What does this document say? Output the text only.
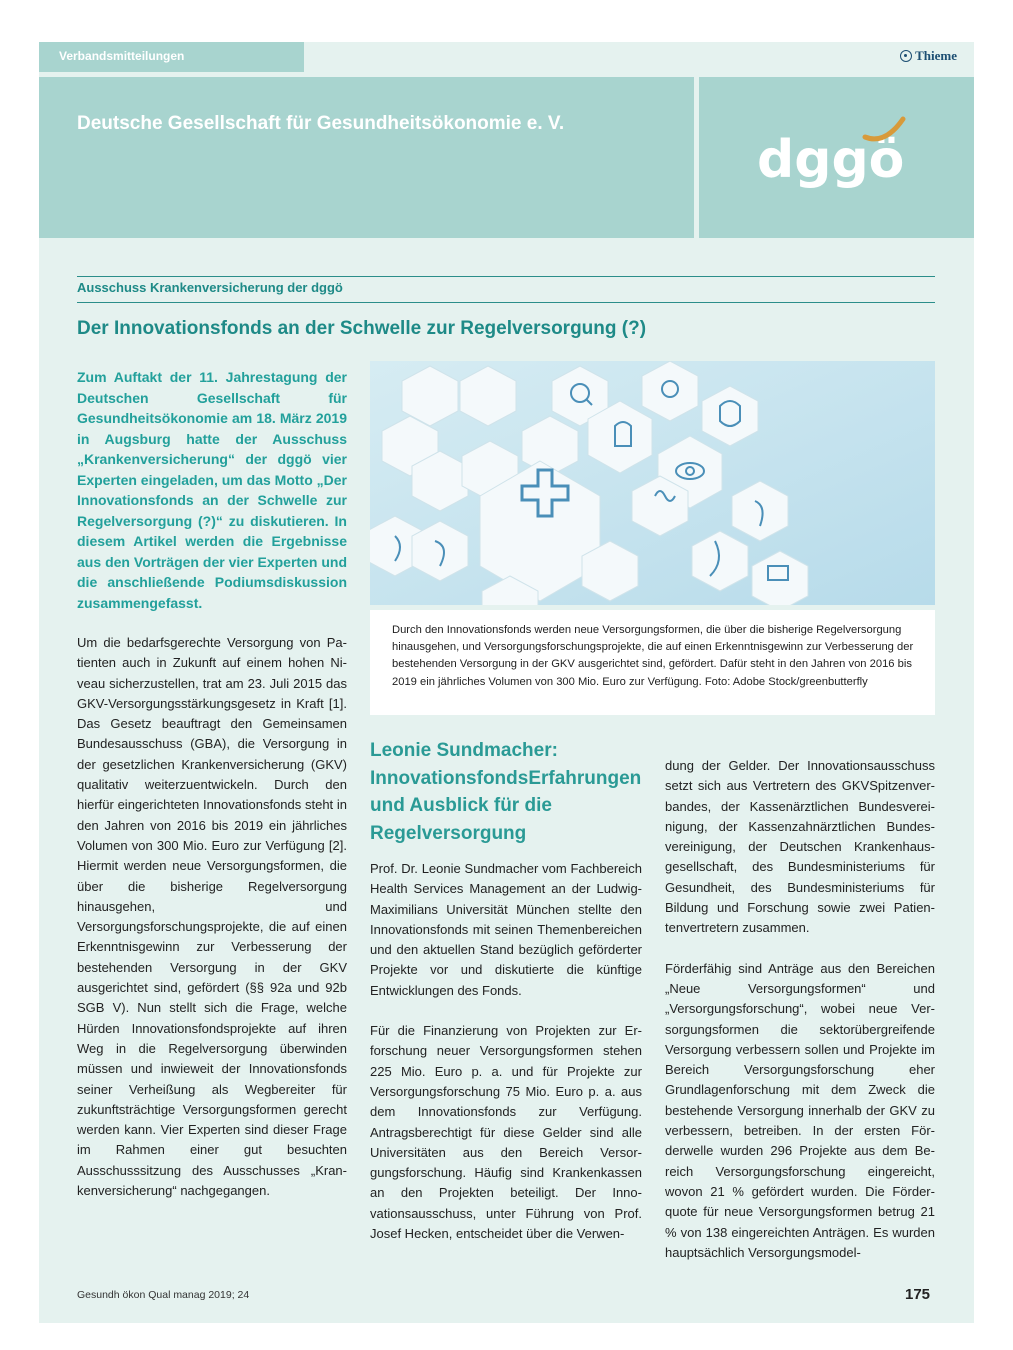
Verbandsmitteilungen	Thieme
Deutsche Gesellschaft für Gesundheitsökonomie e. V.
dggö
Ausschuss Krankenversicherung der dggö
Der Innovationsfonds an der Schwelle zur Regelversorgung (?)

Zum Auftakt der 11. Jahrestagung der Deutschen Gesellschaft für Gesundheitsökonomie am 18. März 2019 in Augsburg hatte der Ausschuss „Krankenversicherung“ der dggö vier Experten eingeladen, um das Motto „Der Innovationsfonds an der Schwelle zur Regelversorgung (?)“ zu diskutieren. In diesem Artikel werden die Ergebnisse aus den Vorträgen der vier Experten und die anschließende Podiumsdiskussion zusammengefasst.

Um die bedarfsgerechte Versorgung von Patienten auch in Zukunft auf einem hohen Niveau sicherzustellen, trat am 23. Juli 2015 das GKV-Versorgungsstärkungsgesetz in Kraft [1]. Das Gesetz beauftragt den Gemeinsamen Bundesausschuss (GBA), die Versorgung in der gesetzlichen Krankenversicherung (GKV) qualitativ weiterzuentwickeln. Durch den hierfür eingerichteten Innovationsfonds steht in den Jahren von 2016 bis 2019 ein jährliches Volumen von 300 Mio. Euro zur Verfügung [2]. Hiermit werden neue Versorgungsformen, die über die bisherige Regelversorgung hinausgehen, und Versorgungsforschungsprojekte, die auf einen Erkenntnisgewinn zur Verbesserung der bestehenden Versorgung in der GKV ausgerichtet sind, gefördert (§§ 92a und 92b SGB V). Nun stellt sich die Frage, welche Hürden Innovationsfondsprojekte auf ihren Weg in die Regelversorgung überwinden müssen und inwieweit der Innovationsfonds seiner Verheißung als Wegbereiter für zukunftsträchtige Versorgungsformen gerecht werden kann. Vier Experten sind dieser Frage im Rahmen einer gut besuchten Ausschusssitzung des Ausschusses „Krankenversicherung“ nachgegangen.

Durch den Innovationsfonds werden neue Versorgungsformen, die über die bisherige Regelversorgung hinausgehen, und Versorgungsforschungsprojekte, die auf einen Erkenntnisgewinn zur Verbesserung der bestehenden Versorgung in der GKV ausgerichtet sind, gefördert. Dafür steht in den Jahren von 2016 bis 2019 ein jährliches Volumen von 300 Mio. Euro zur Verfügung. Foto: Adobe Stock/greenbutterfly
Leonie Sundmacher: InnovationsfondsErfahrungen und Ausblick für die Regelversorgung

Prof. Dr. Leonie Sundmacher vom Fachbereich Health Services Management an der Ludwig-Maximilians Universität München stellte den Innovationsfonds mit seinen Themenbereichen und den aktuellen Stand bezüglich geförderter Projekte vor und diskutierte die künftige Entwicklungen des Fonds.

Für die Finanzierung von Projekten zur Erforschung neuer Versorgungsformen stehen 225 Mio. Euro p. a. und für Projekte zur Versorgungsforschung 75 Mio. Euro p. a. aus dem Innovationsfonds zur Verfügung. Antragsberechtigt für diese Gelder sind alle Universitäten aus den Bereich Versorgungsforschung. Häufig sind Krankenkassen an den Projekten beteiligt. Der Innovationsausschuss, unter Führung von Prof. Josef Hecken, entscheidet über die Verwen-

dung der Gelder. Der Innovationsausschuss setzt sich aus Vertretern des GKVSpitzenverbandes, der Kassenärztlichen Bundesvereinigung, der Kassenzahnärztlichen Bundesvereinigung, der Deutschen Krankenhausgesellschaft, des Bundesministeriums für Gesundheit, des Bundesministeriums für Bildung und Forschung sowie zwei Patientenvertretern zusammen.

Förderfähig sind Anträge aus den Bereichen „Neue Versorgungsformen“ und „Versorgungsforschung“, wobei neue Versorgungsformen die sektorübergreifende Versorgung verbessern sollen und Projekte im Bereich Versorgungsforschung eher Grundlagenforschung mit dem Zweck die bestehende Versorgung innerhalb der GKV zu verbessern, betreiben. In der ersten Förderwelle wurden 296 Projekte aus dem Bereich Versorgungsforschung eingereicht, wovon 21 % gefördert wurden. Die Förderquote für neue Versorgungsformen betrug 21 % von 138 eingereichten Anträgen. Es wurden hauptsächlich Versorgungsmodel-

Gesundh ökon Qual manag 2019; 24	175
